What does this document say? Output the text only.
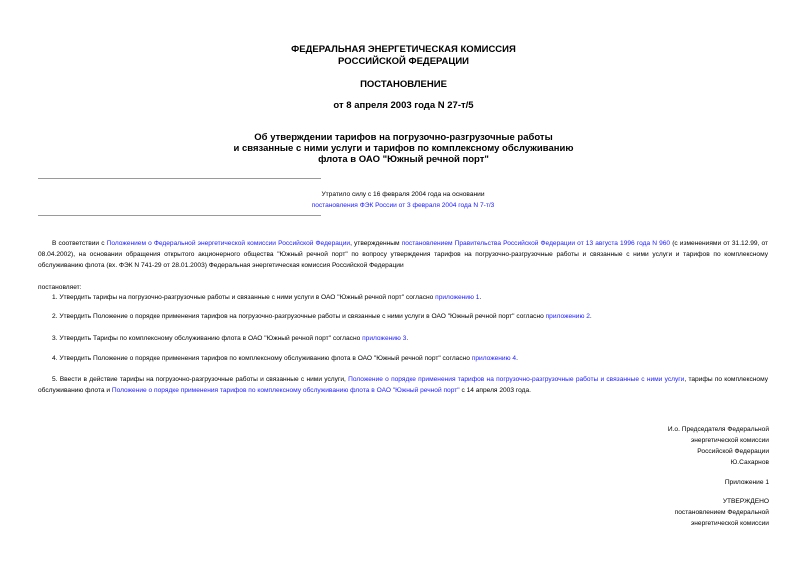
ФЕДЕРАЛЬНАЯ ЭНЕРГЕТИЧЕСКАЯ КОМИССИЯ
РОССИЙСКОЙ ФЕДЕРАЦИИ
ПОСТАНОВЛЕНИЕ
от 8 апреля 2003 года N 27-т/5
Об утверждении тарифов на погрузочно-разгрузочные работы
и связанные с ними услуги и тарифов по комплексному обслуживанию
флота в ОАО "Южный речной порт"
Утратило силу с 16 февраля 2004 года на основании
постановления ФЭК России от 3 февраля 2004 года N 7-т/3
В соответствии с Положением о Федеральной энергетической комиссии Российской Федерации, утвержденным постановлением Правительства Российской Федерации от 13 августа 1996 года N 960 (с изменениями от 31.12.99, от 08.04.2002), на основании обращения открытого акционерного общества "Южный речной порт" по вопросу утверждения тарифов на погрузочно-разгрузочные работы и связанные с ними услуги и тарифов по комплексному обслуживанию флота (вх. ФЭК N 741-29 от 28.01.2003) Федеральная энергетическая комиссия Российской Федерации
постановляет:
1. Утвердить тарифы на погрузочно-разгрузочные работы и связанные с ними услуги в ОАО "Южный речной порт" согласно приложению 1.
2. Утвердить Положение о порядке применения тарифов на погрузочно-разгрузочные работы и связанные с ними услуги в ОАО "Южный речной порт" согласно приложению 2.
3. Утвердить Тарифы по комплексному обслуживанию флота в ОАО "Южный речной порт" согласно приложению 3.
4. Утвердить Положение о порядке применения тарифов по комплексному обслуживанию флота в ОАО "Южный речной порт" согласно приложению 4.
5. Ввести в действие тарифы на погрузочно-разгрузочные работы и связанные с ними услуги, Положение о порядке применения тарифов на погрузочно-разгрузочные работы и связанные с ними услуги, тарифы по комплексному обслуживанию флота и Положение о порядке применения тарифов по комплексному обслуживанию флота в ОАО "Южный речной порт" с 14 апреля 2003 года.
И.о. Председателя Федеральной
энергетической комиссии
Российской Федерации
Ю.Сахарнов
Приложение 1
УТВЕРЖДЕНО
постановлением Федеральной
энергетической комиссии
